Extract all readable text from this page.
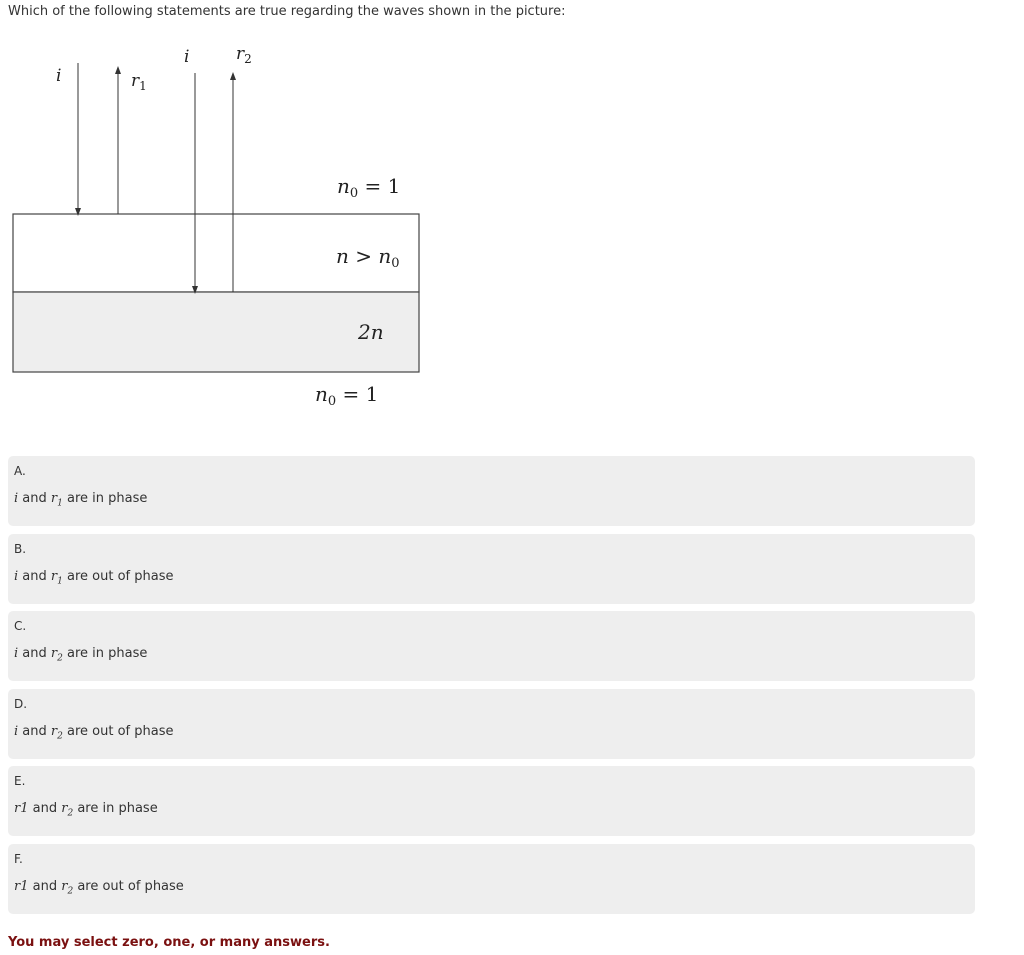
Which of the following statements are true regarding the waves shown in the picture:
i	$r_1$
i	$r_2$
$n_0 = 1$
$n > n_0$
2n
$n_0 = 1$
A.
i and $r_1$ are in phase
B.
i and $r_1$ are out of phase
C.
i and $r_2$ are in phase
D.
i and $r_2$ are out of phase
E.
r1 and $r_2$ are in phase
F.
r1 and $r_2$ are out of phase
You may select zero, one, or many answers.
